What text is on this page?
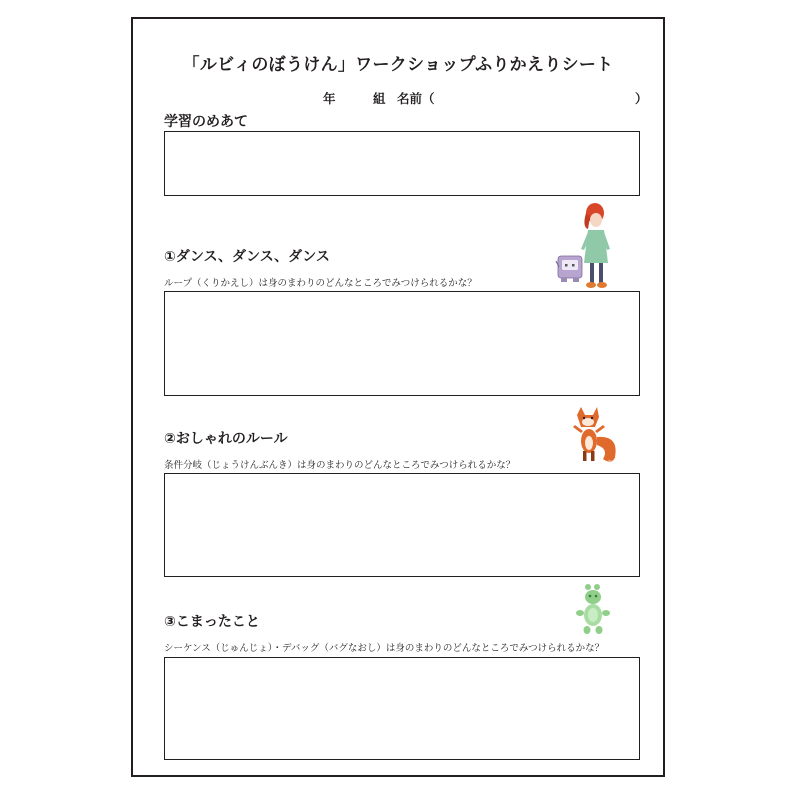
「ルビィのぼうけん」ワークショップふりかえりシート
年	組 名前（	）
学習のめあて
①ダンス、ダンス、ダンス
ループ（くりかえし）は身のまわりのどんなところでみつけられるかな？
②おしゃれのルール
条件分岐（じょうけんぶんき）は身のまわりのどんなところでみつけられるかな？
③こまったこと
シーケンス（じゅんじょ）・デバッグ（バグなおし）は身のまわりのどんなところでみつけられるかな？
